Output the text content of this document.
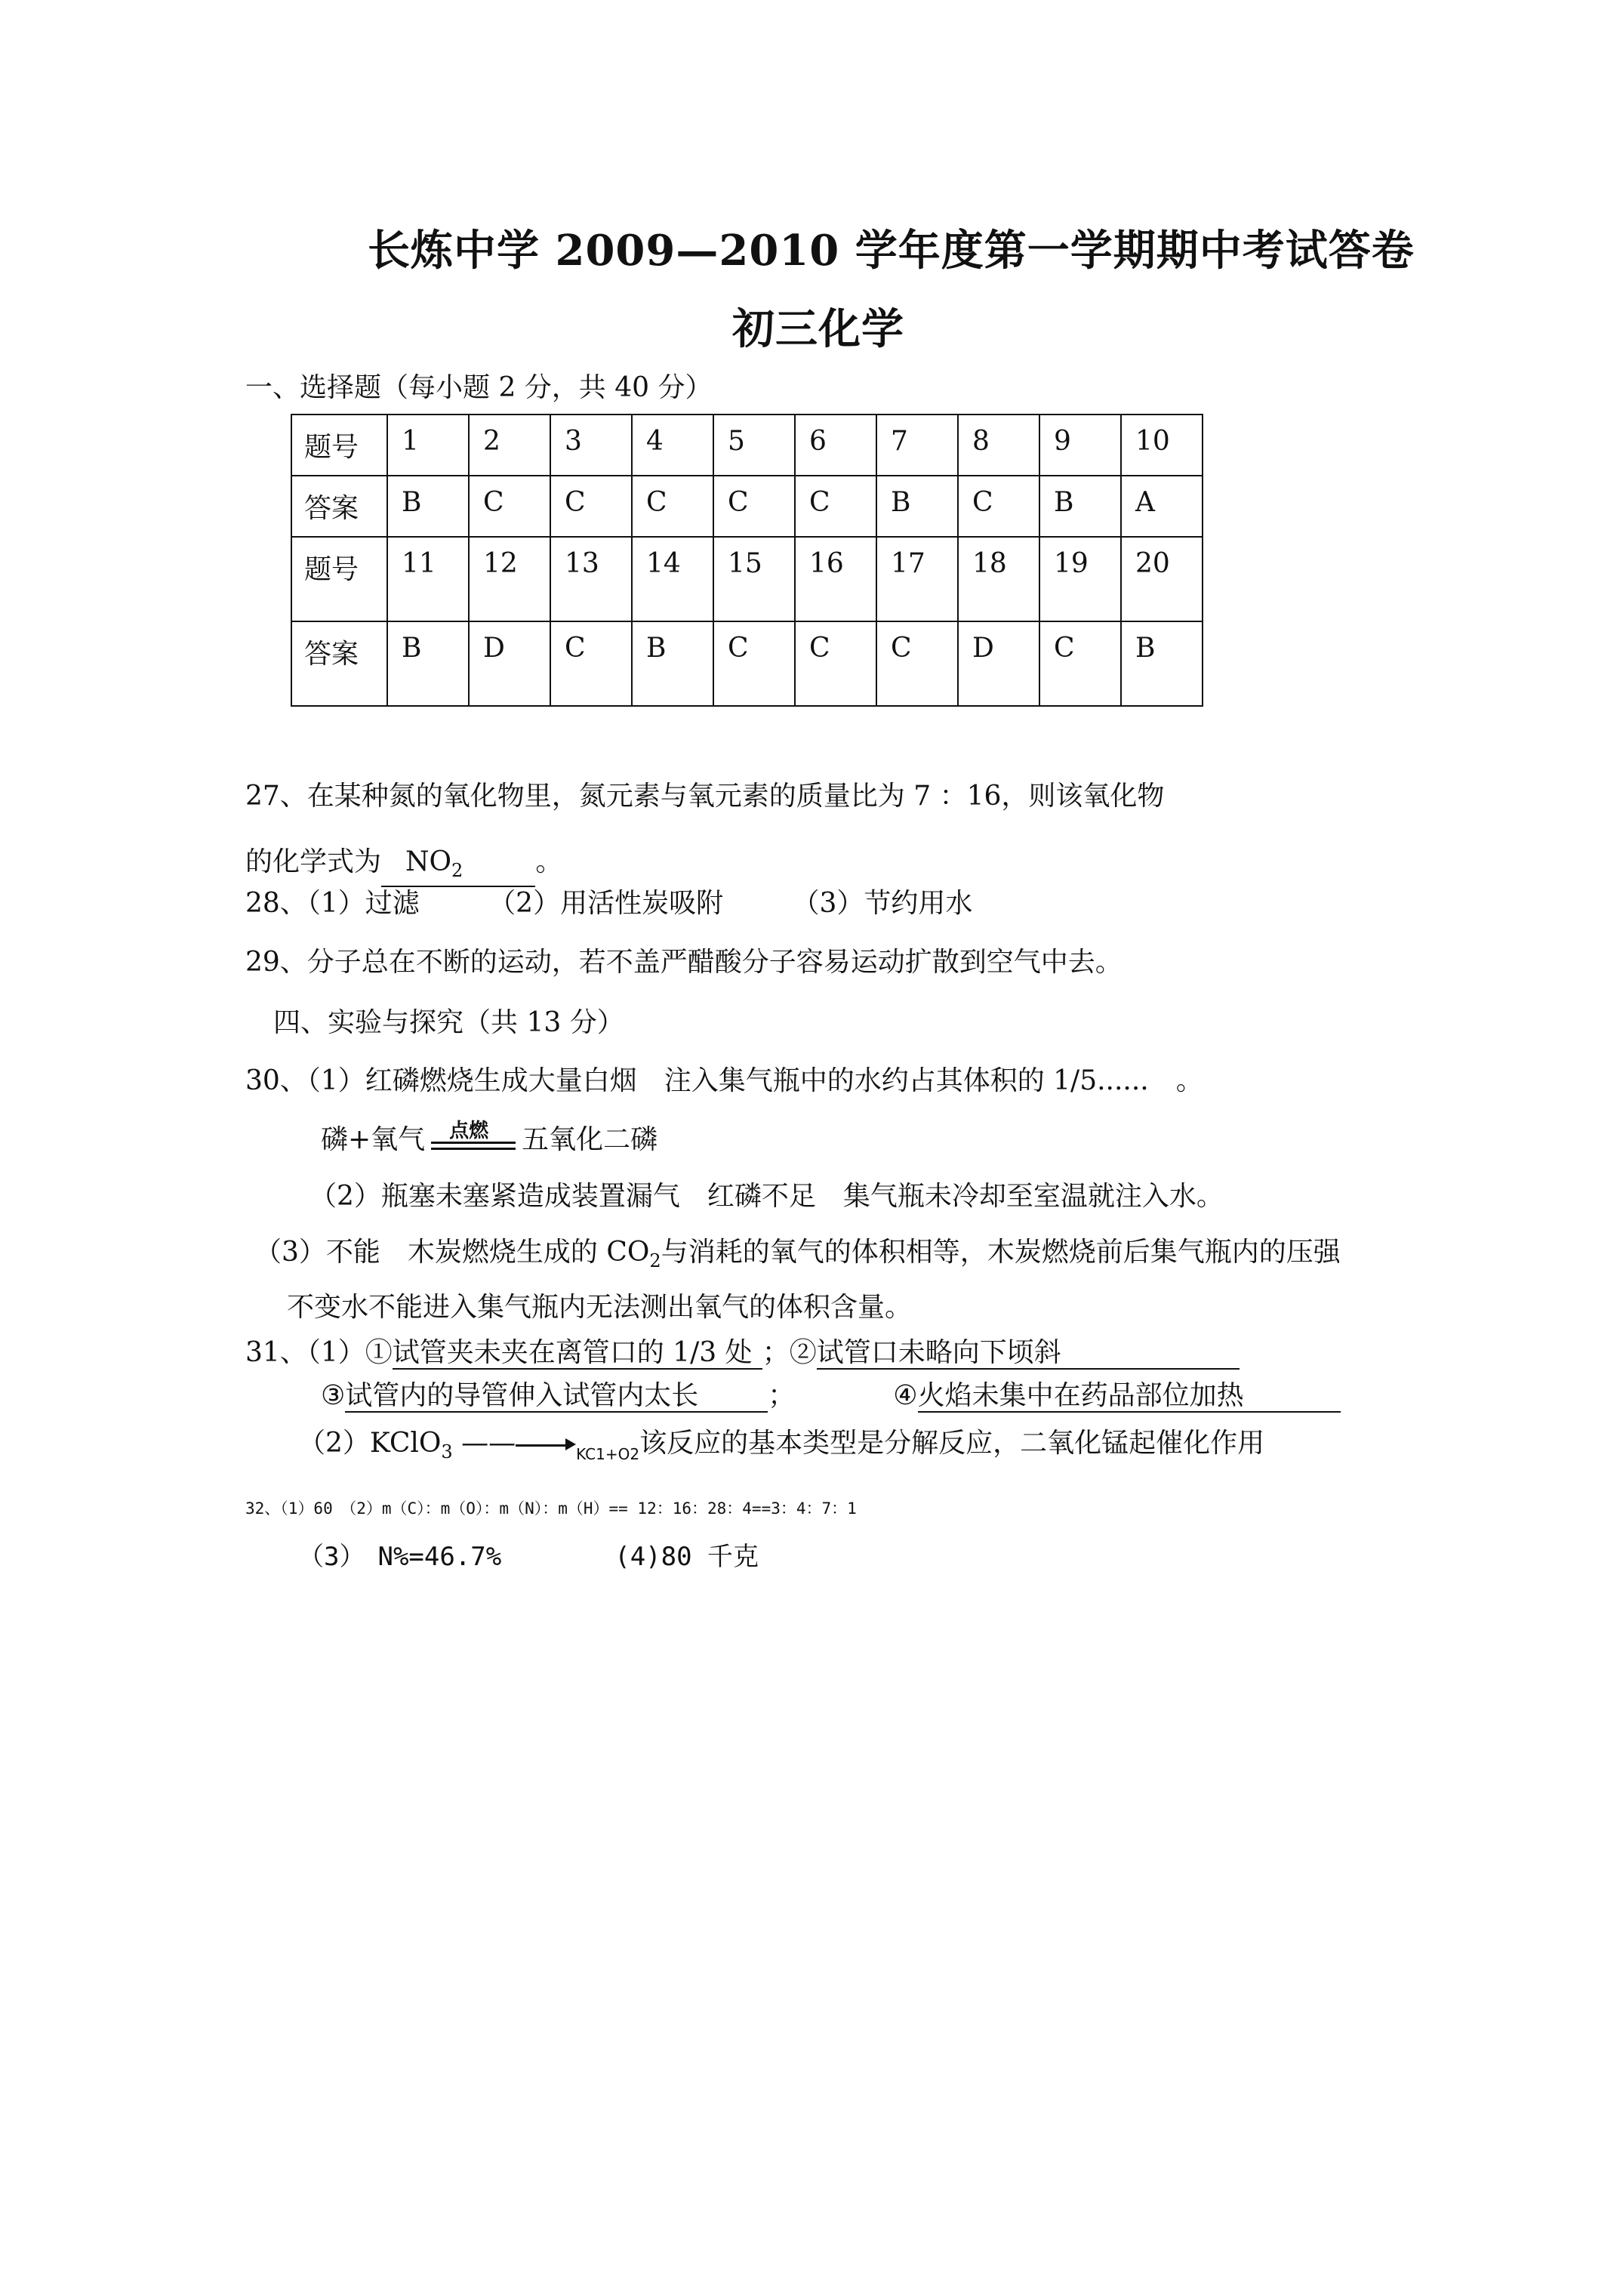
长炼中学 2009—2010 学年度第一学期期中考试答卷
初三化学
一、选择题（每小题 2 分，共 40 分）
题号	1	2	3	4	5	6	7	8	9	10
答案	B	C	C	C	C	C	B	C	B	A
题号	11	12	13	14	15	16	17	18	19	20
答案	B	D	C	B	C	C	C	D	C	B
27、在某种氮的氧化物里，氮元素与氧元素的质量比为 7 ：16，则该氧化物
的化学式为 $NO_2$	。
28、（1）过滤	（2）用活性炭吸附	（3）节约用水
29、分子总在不断的运动，若不盖严醋酸分子容易运动扩散到空气中去。
四、实验与探究（共 13 分）
30、（1）红磷燃烧生成大量白烟　注入集气瓶中的水约占其体积的 1/5......　。
磷+氧气 点燃 五氧化二磷
（2）瓶塞未塞紧造成装置漏气　红磷不足　集气瓶未冷却至室温就注入水。
（3）不能　木炭燃烧生成的 $CO_2$与消耗的氧气的体积相等，木炭燃烧前后集气瓶内的压强
不变水不能进入集气瓶内无法测出氧气的体积含量。
31、（1）①试管夹未夹在离管口的 1/3 处 ；②试管口未略向下顷斜
③试管内的导管伸入试管内太长	；	④火焰未集中在药品部位加热
（2）KClO$_3$ ——	$_{KC1+O2}$该反应的基本类型是分解反应，二氧化锰起催化作用
32、（1）60　（2）m（C）：m（O）：m（N）：m（H）== 12：16：28：4==3：4：7：1
（3）　N%=46.7%	(4)80 千克
